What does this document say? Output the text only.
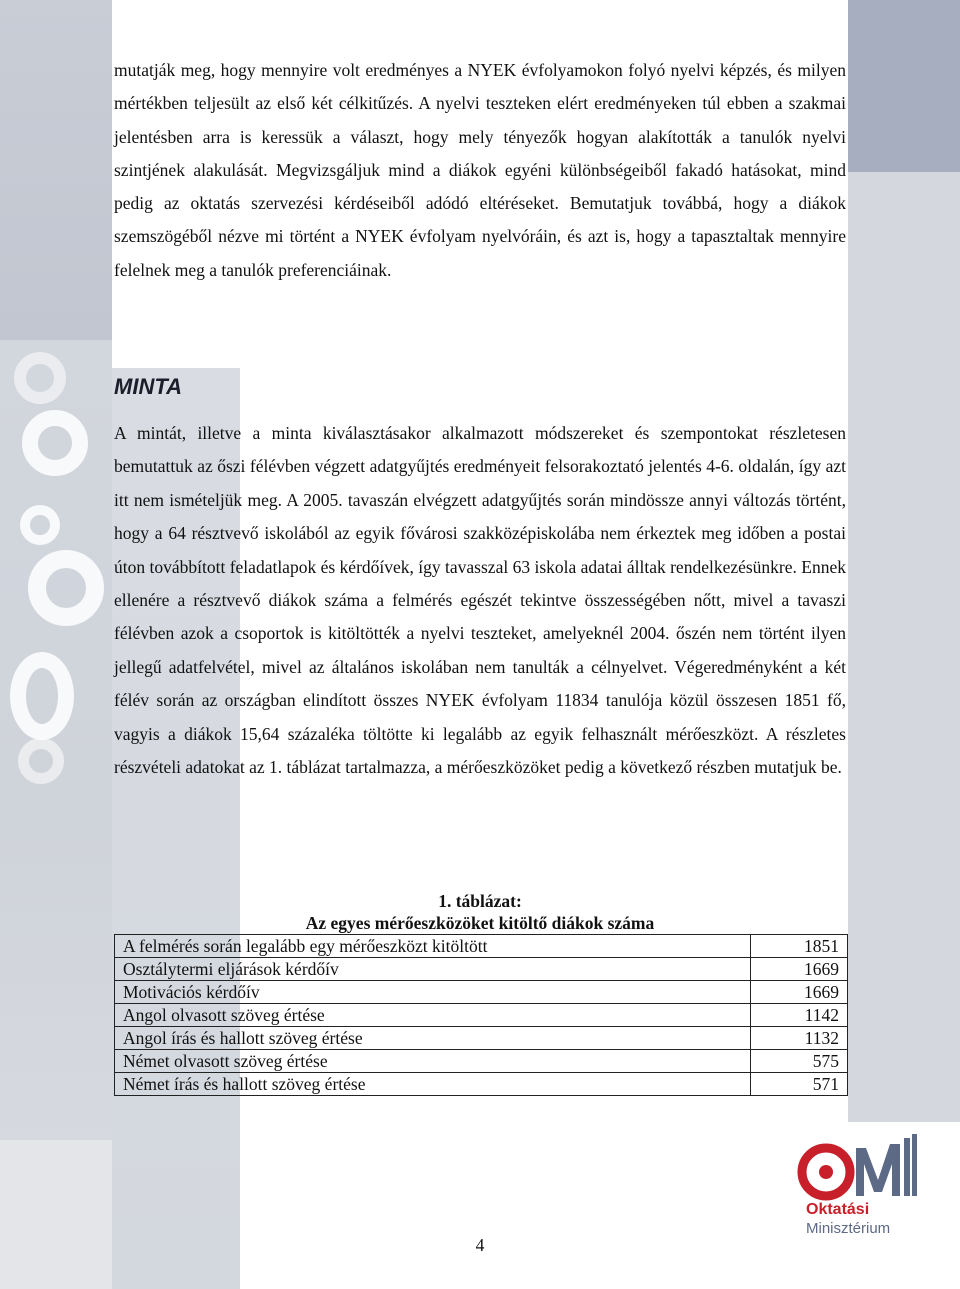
mutatják meg, hogy mennyire volt eredményes a NYEK évfolyamokon folyó nyelvi képzés, és milyen mértékben teljesült az első két célkitűzés. A nyelvi teszteken elért eredményeken túl ebben a szakmai jelentésben arra is keressük a választ, hogy mely tényezők hogyan alakították a tanulók nyelvi szintjének alakulását. Megvizsgáljuk mind a diákok egyéni különbségeiből fakadó hatásokat, mind pedig az oktatás szervezési kérdéseiből adódó eltéréseket. Bemutatjuk továbbá, hogy a diákok szemszögéből nézve mi történt a NYEK évfolyam nyelvóráin, és azt is, hogy a tapasztaltak mennyire felelnek meg a tanulók preferenciáinak.

MINTA

A mintát, illetve a minta kiválasztásakor alkalmazott módszereket és szempontokat részletesen bemutattuk az őszi félévben végzett adatgyűjtés eredményeit felsorakoztató jelentés 4-6. oldalán, így azt itt nem ismételjük meg. A 2005. tavaszán elvégzett adatgyűjtés során mindössze annyi változás történt, hogy a 64 résztvevő iskolából az egyik fővárosi szakközépiskolába nem érkeztek meg időben a postai úton továbbított feladatlapok és kérdőívek, így tavasszal 63 iskola adatai álltak rendelkezésünkre. Ennek ellenére a résztvevő diákok száma a felmérés egészét tekintve összességében nőtt, mivel a tavaszi félévben azok a csoportok is kitöltötték a nyelvi teszteket, amelyeknél 2004. őszén nem történt ilyen jellegű adatfelvétel, mivel az általános iskolában nem tanulták a célnyelvet. Végeredményként a két félév során az országban elindított összes NYEK évfolyam 11834 tanulója közül összesen 1851 fő, vagyis a diákok 15,64 százaléka töltötte ki legalább az egyik felhasznált mérőeszközt. A részletes részvételi adatokat az 1. táblázat tartalmazza, a mérőeszközöket pedig a következő részben mutatjuk be.

1. táblázat:
Az egyes mérőeszközöket kitöltő diákok száma
A felmérés során legalább egy mérőeszközt kitöltött	1851
Osztálytermi eljárások kérdőív	1669
Motivációs kérdőív	1669
Angol olvasott szöveg értése	1142
Angol írás és hallott szöveg értése	1132
Német olvasott szöveg értése	575
Német írás és hallott szöveg értése	571
Oktatási
Minisztérium
4
